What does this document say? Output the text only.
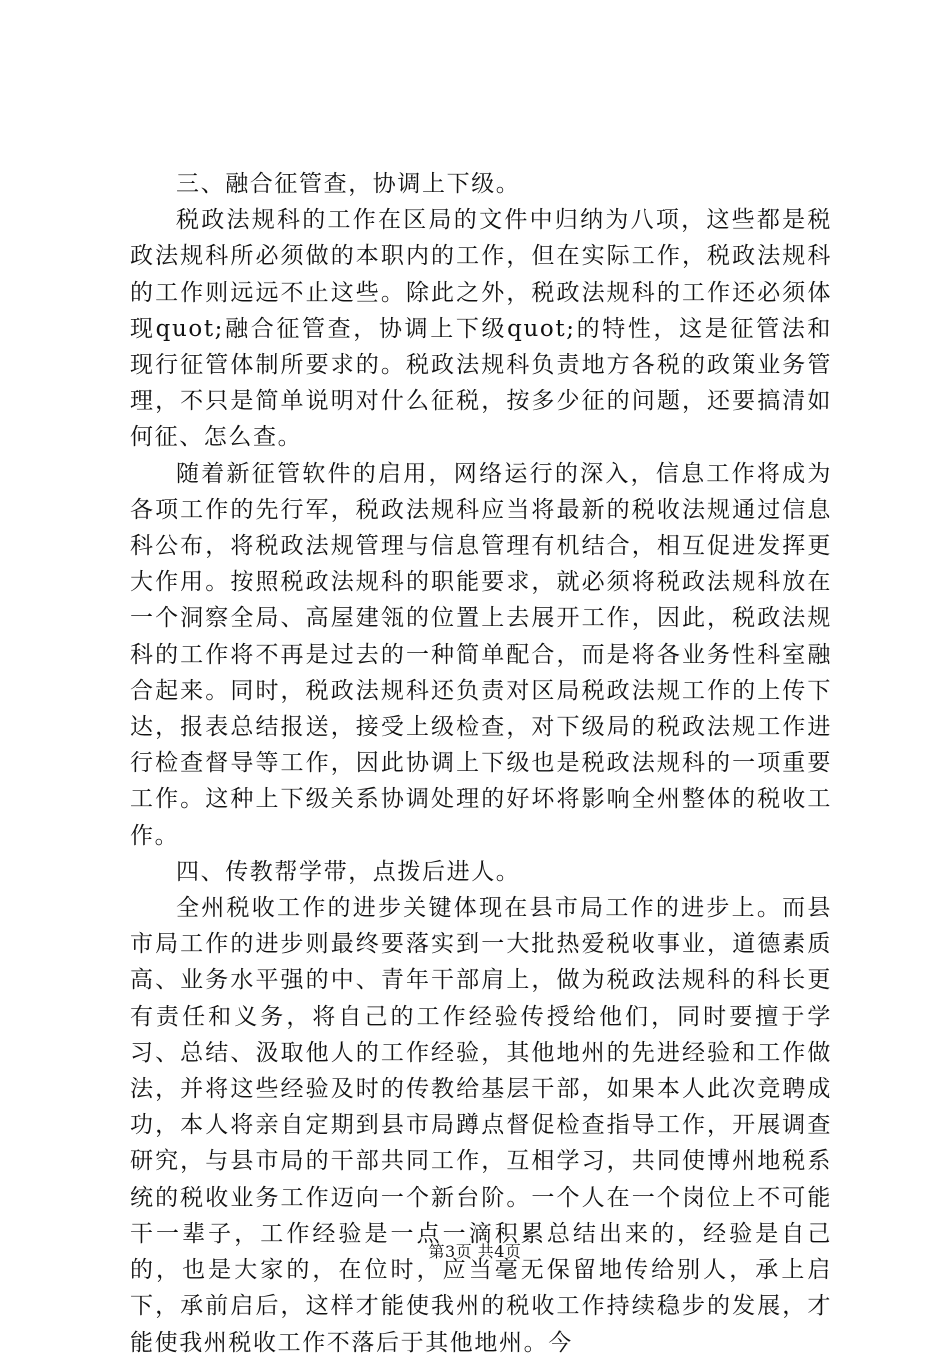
三、融合征管查，协调上下级。

税政法规科的工作在区局的文件中归纳为八项，这些都是税政法规科所必须做的本职内的工作，但在实际工作，税政法规科的工作则远远不止这些。除此之外，税政法规科的工作还必须体现quot;融合征管查，协调上下级quot;的特性，这是征管法和现行征管体制所要求的。税政法规科负责地方各税的政策业务管理，不只是简单说明对什么征税，按多少征的问题，还要搞清如何征、怎么查。

随着新征管软件的启用，网络运行的深入，信息工作将成为各项工作的先行军，税政法规科应当将最新的税收法规通过信息科公布，将税政法规管理与信息管理有机结合，相互促进发挥更大作用。按照税政法规科的职能要求，就必须将税政法规科放在一个洞察全局、高屋建瓴的位置上去展开工作，因此，税政法规科的工作将不再是过去的一种简单配合，而是将各业务性科室融合起来。同时，税政法规科还负责对区局税政法规工作的上传下达，报表总结报送，接受上级检查，对下级局的税政法规工作进行检查督导等工作，因此协调上下级也是税政法规科的一项重要工作。这种上下级关系协调处理的好坏将影响全州整体的税收工作。

四、传教帮学带，点拨后进人。

全州税收工作的进步关键体现在县市局工作的进步上。而县市局工作的进步则最终要落实到一大批热爱税收事业，道德素质高、业务水平强的中、青年干部肩上，做为税政法规科的科长更有责任和义务，将自己的工作经验传授给他们，同时要擅于学习、总结、汲取他人的工作经验，其他地州的先进经验和工作做法，并将这些经验及时的传教给基层干部，如果本人此次竞聘成功，本人将亲自定期到县市局蹲点督促检查指导工作，开展调查研究，与县市局的干部共同工作，互相学习，共同使博州地税系统的税收业务工作迈向一个新台阶。一个人在一个岗位上不可能干一辈子，工作经验是一点一滴积累总结出来的，经验是自己的，也是大家的，在位时，应当毫无保留地传给别人，承上启下，承前启后，这样才能使我州的税收工作持续稳步的发展，才能使我州税收工作不落后于其他地州。今

第3页 共4页
